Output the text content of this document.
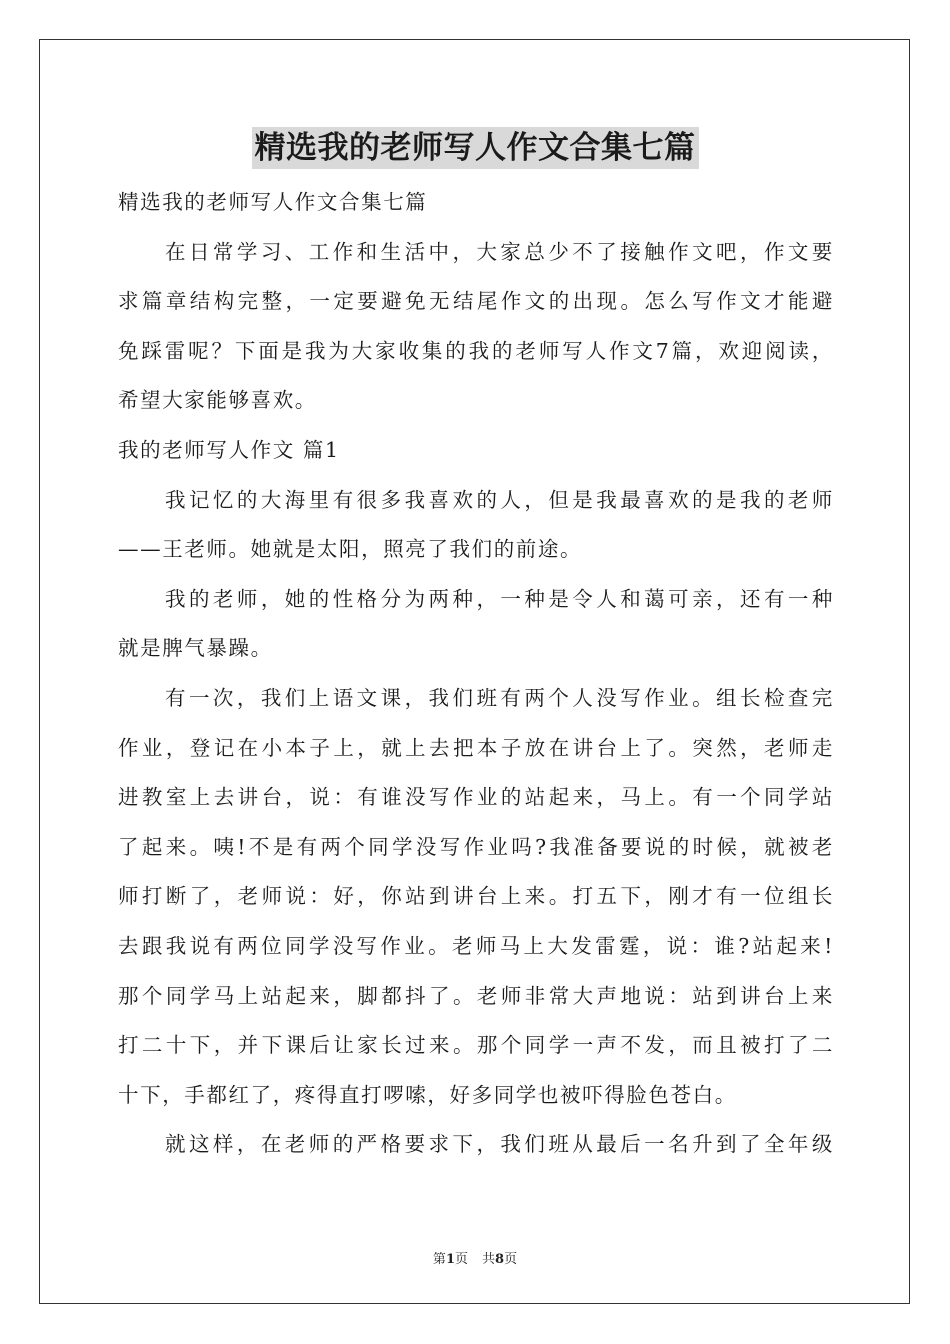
精选我的老师写人作文合集七篇
精选我的老师写人作文合集七篇
在日常学习、工作和生活中，大家总少不了接触作文吧，作文要
求篇章结构完整，一定要避免无结尾作文的出现。怎么写作文才能避
免踩雷呢？下面是我为大家收集的我的老师写人作文7篇，欢迎阅读，
希望大家能够喜欢。
我的老师写人作文 篇1
我记忆的大海里有很多我喜欢的人，但是我最喜欢的是我的老师
——王老师。她就是太阳，照亮了我们的前途。
我的老师，她的性格分为两种，一种是令人和蔼可亲，还有一种
就是脾气暴躁。
有一次，我们上语文课，我们班有两个人没写作业。组长检查完
作业，登记在小本子上，就上去把本子放在讲台上了。突然，老师走
进教室上去讲台，说：有谁没写作业的站起来，马上。有一个同学站
了起来。咦!不是有两个同学没写作业吗?我准备要说的时候，就被老
师打断了，老师说：好，你站到讲台上来。打五下，刚才有一位组长
去跟我说有两位同学没写作业。老师马上大发雷霆，说：谁?站起来!
那个同学马上站起来，脚都抖了。老师非常大声地说：站到讲台上来
打二十下，并下课后让家长过来。那个同学一声不发，而且被打了二
十下，手都红了，疼得直打啰嗦，好多同学也被吓得脸色苍白。
就这样，在老师的严格要求下，我们班从最后一名升到了全年级
第1页 共8页
